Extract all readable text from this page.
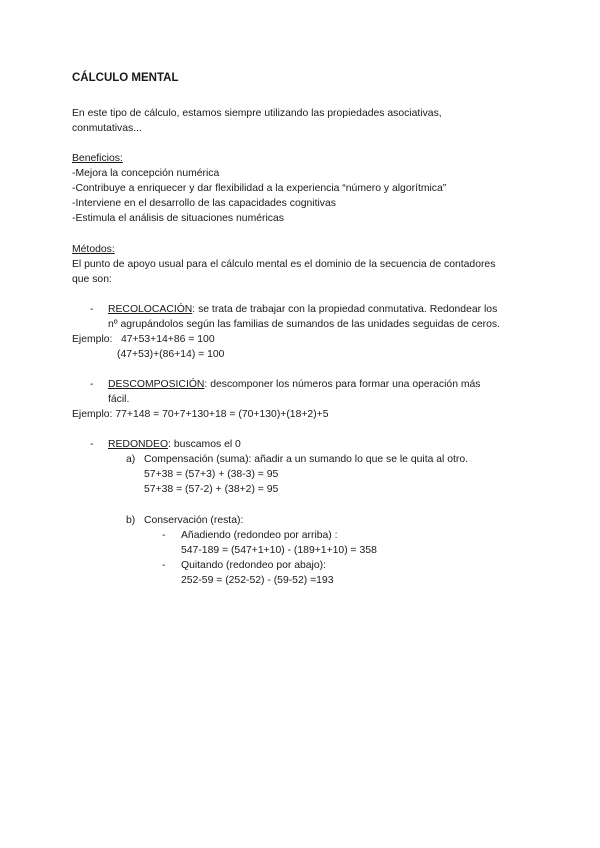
CÁLCULO MENTAL
En este tipo de cálculo, estamos siempre utilizando las propiedades asociativas,
conmutativas...
Beneficios:
-Mejora la concepción numérica
-Contribuye a enriquecer y dar flexibilidad a la experiencia “número y algorítmica”
-Interviene en el desarrollo de las capacidades cognitivas
-Estimula el análisis de situaciones numéricas
Métodos:
El punto de apoyo usual para el cálculo mental es el dominio de la secuencia de contadores
que son:
- RECOLOCACIÓN: se trata de trabajar con la propiedad conmutativa. Redondear los
nº agrupándolos según las familias de sumandos de las unidades seguidas de ceros.
Ejemplo: 47+53+14+86 = 100
(47+53)+(86+14) = 100
- DESCOMPOSICIÓN: descomponer los números para formar una operación más
fácil.
Ejemplo: 77+148 = 70+7+130+18 = (70+130)+(18+2)+5
- REDONDEO: buscamos el 0
a) Compensación (suma): añadir a un sumando lo que se le quita al otro.
57+38 = (57+3) + (38-3) = 95
57+38 = (57-2) + (38+2) = 95
b) Conservación (resta):
- Añadiendo (redondeo por arriba) :
547-189 = (547+1+10) - (189+1+10) = 358
- Quitando (redondeo por abajo):
252-59 = (252-52) - (59-52) =193
